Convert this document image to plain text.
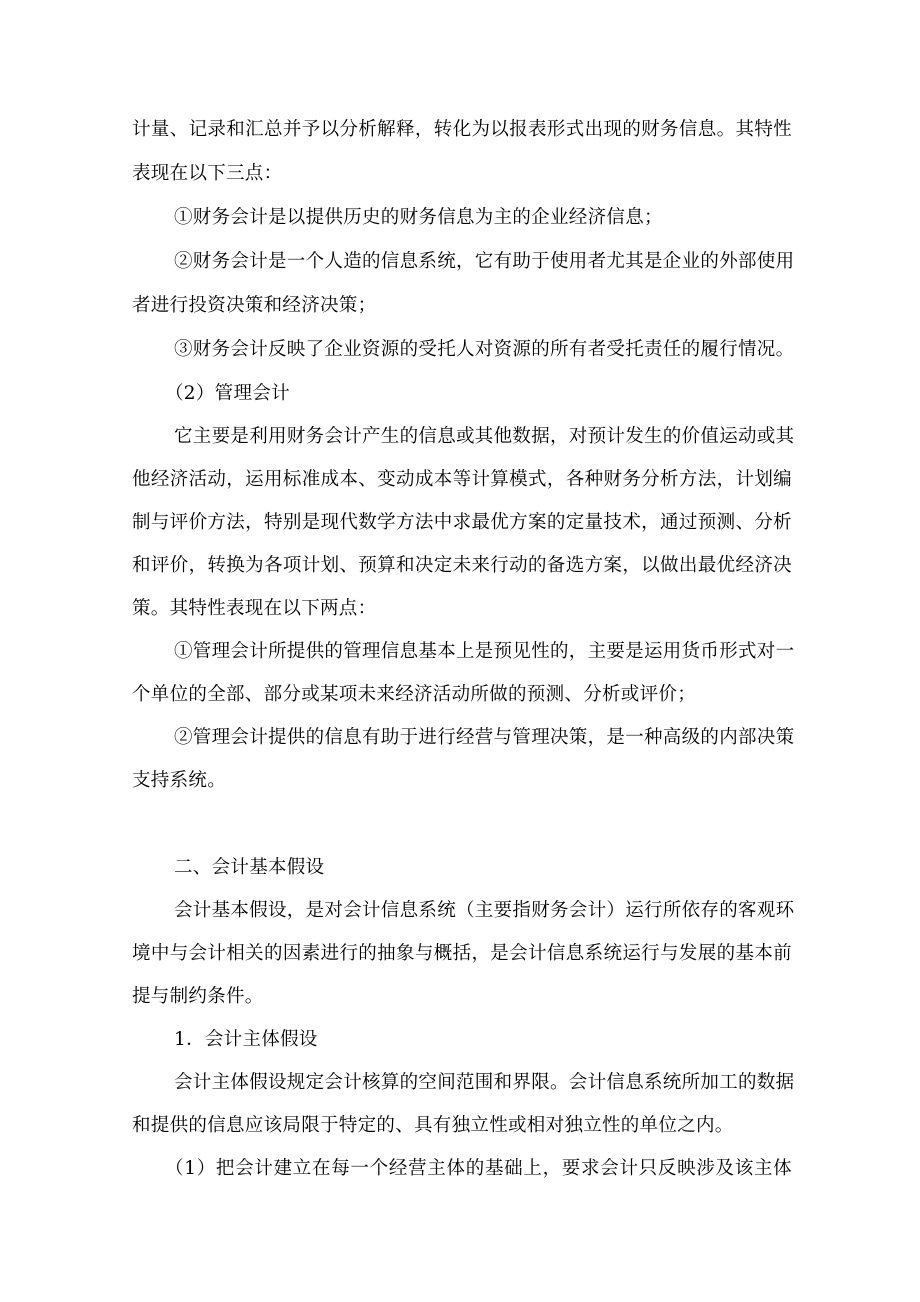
计量、记录和汇总并予以分析解释，转化为以报表形式出现的财务信息。其特性
表现在以下三点：
①财务会计是以提供历史的财务信息为主的企业经济信息；
②财务会计是一个人造的信息系统，它有助于使用者尤其是企业的外部使用
者进行投资决策和经济决策；
③财务会计反映了企业资源的受托人对资源的所有者受托责任的履行情况。
（2）管理会计
它主要是利用财务会计产生的信息或其他数据，对预计发生的价值运动或其
他经济活动，运用标准成本、变动成本等计算模式，各种财务分析方法，计划编
制与评价方法，特别是现代数学方法中求最优方案的定量技术，通过预测、分析
和评价，转换为各项计划、预算和决定未来行动的备选方案，以做出最优经济决
策。其特性表现在以下两点：
①管理会计所提供的管理信息基本上是预见性的，主要是运用货币形式对一
个单位的全部、部分或某项未来经济活动所做的预测、分析或评价；
②管理会计提供的信息有助于进行经营与管理决策，是一种高级的内部决策
支持系统。
二、会计基本假设
会计基本假设，是对会计信息系统（主要指财务会计）运行所依存的客观环
境中与会计相关的因素进行的抽象与概括，是会计信息系统运行与发展的基本前
提与制约条件。
1．会计主体假设
会计主体假设规定会计核算的空间范围和界限。会计信息系统所加工的数据
和提供的信息应该局限于特定的、具有独立性或相对独立性的单位之内。
（1）把会计建立在每一个经营主体的基础上，要求会计只反映涉及该主体
